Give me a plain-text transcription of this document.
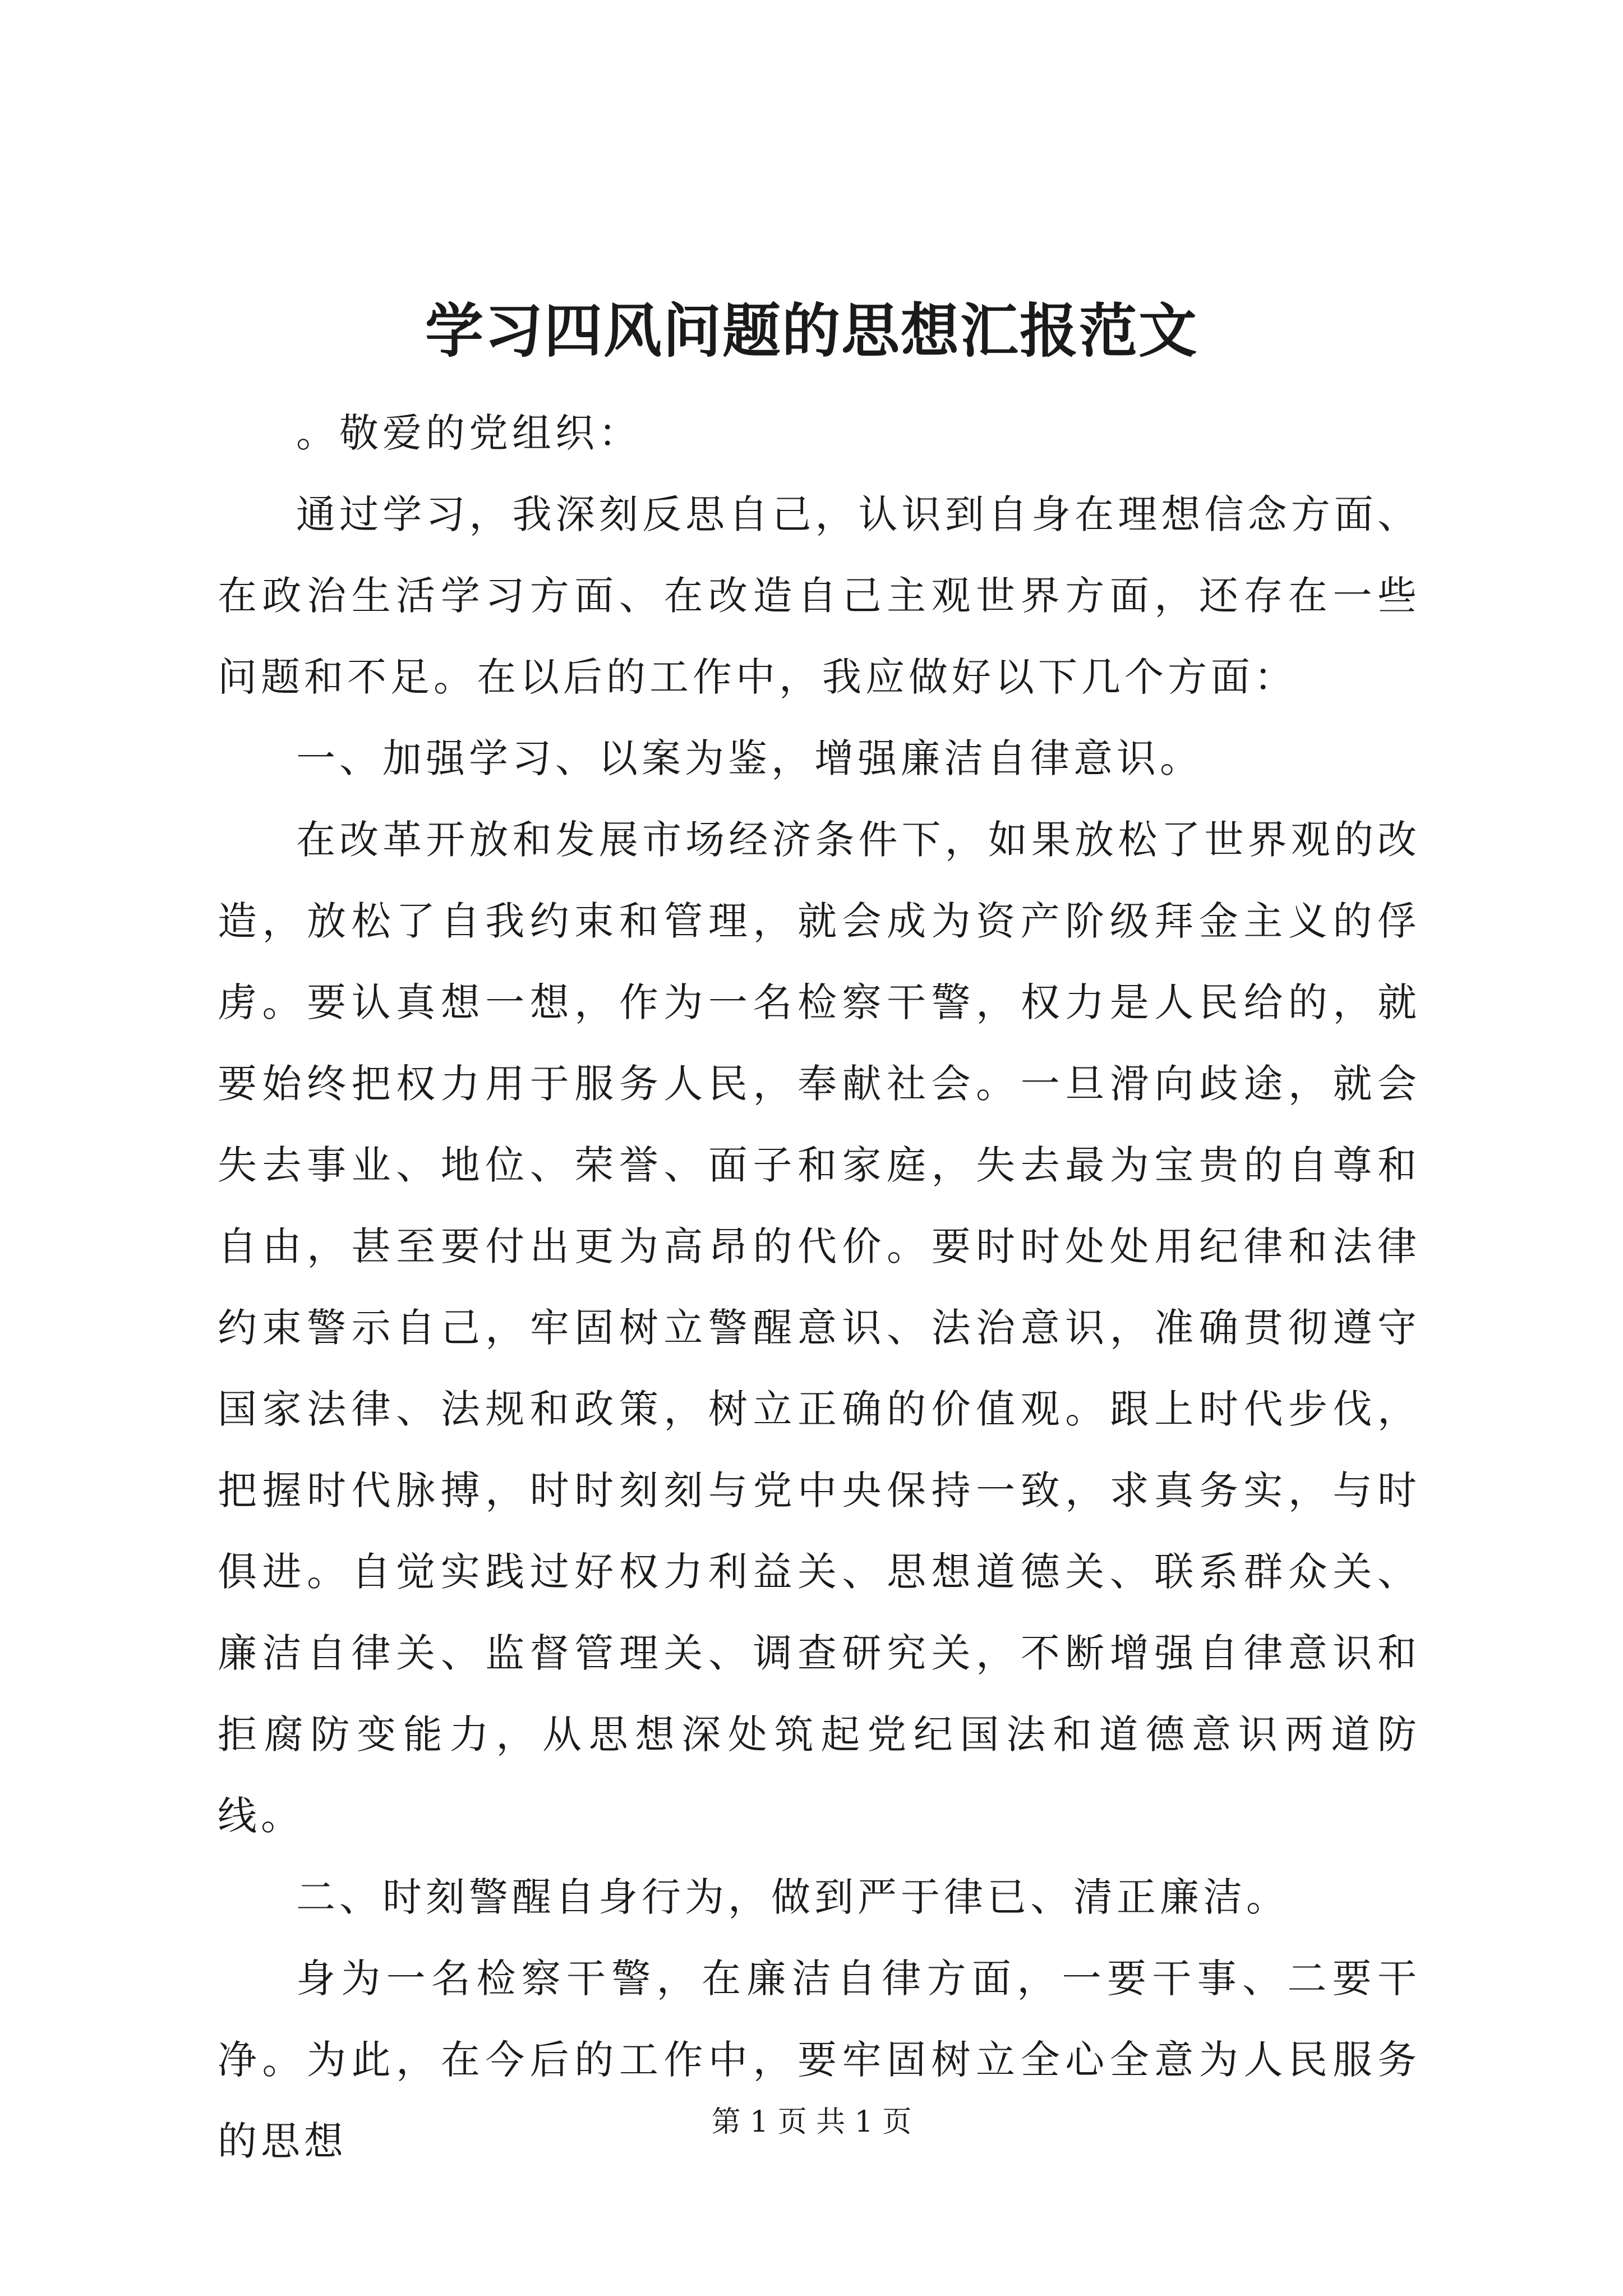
学习四风问题的思想汇报范文

。敬爱的党组织：

通过学习，我深刻反思自己，认识到自身在理想信念方面、在政治生活学习方面、在改造自己主观世界方面，还存在一些问题和不足。在以后的工作中，我应做好以下几个方面：

一、加强学习、以案为鉴，增强廉洁自律意识。

在改革开放和发展市场经济条件下，如果放松了世界观的改造，放松了自我约束和管理，就会成为资产阶级拜金主义的俘虏。要认真想一想，作为一名检察干警，权力是人民给的，就要始终把权力用于服务人民，奉献社会。一旦滑向歧途，就会失去事业、地位、荣誉、面子和家庭，失去最为宝贵的自尊和自由，甚至要付出更为高昂的代价。要时时处处用纪律和法律约束警示自己，牢固树立警醒意识、法治意识，准确贯彻遵守国家法律、法规和政策，树立正确的价值观。跟上时代步伐，把握时代脉搏，时时刻刻与党中央保持一致，求真务实，与时俱进。自觉实践过好权力利益关、思想道德关、联系群众关、廉洁自律关、监督管理关、调查研究关，不断增强自律意识和拒腐防变能力，从思想深处筑起党纪国法和道德意识两道防线。

二、时刻警醒自身行为，做到严于律已、清正廉洁。

身为一名检察干警，在廉洁自律方面，一要干事、二要干净。为此，在今后的工作中，要牢固树立全心全意为人民服务的思想	第 1 页 共 1 页
